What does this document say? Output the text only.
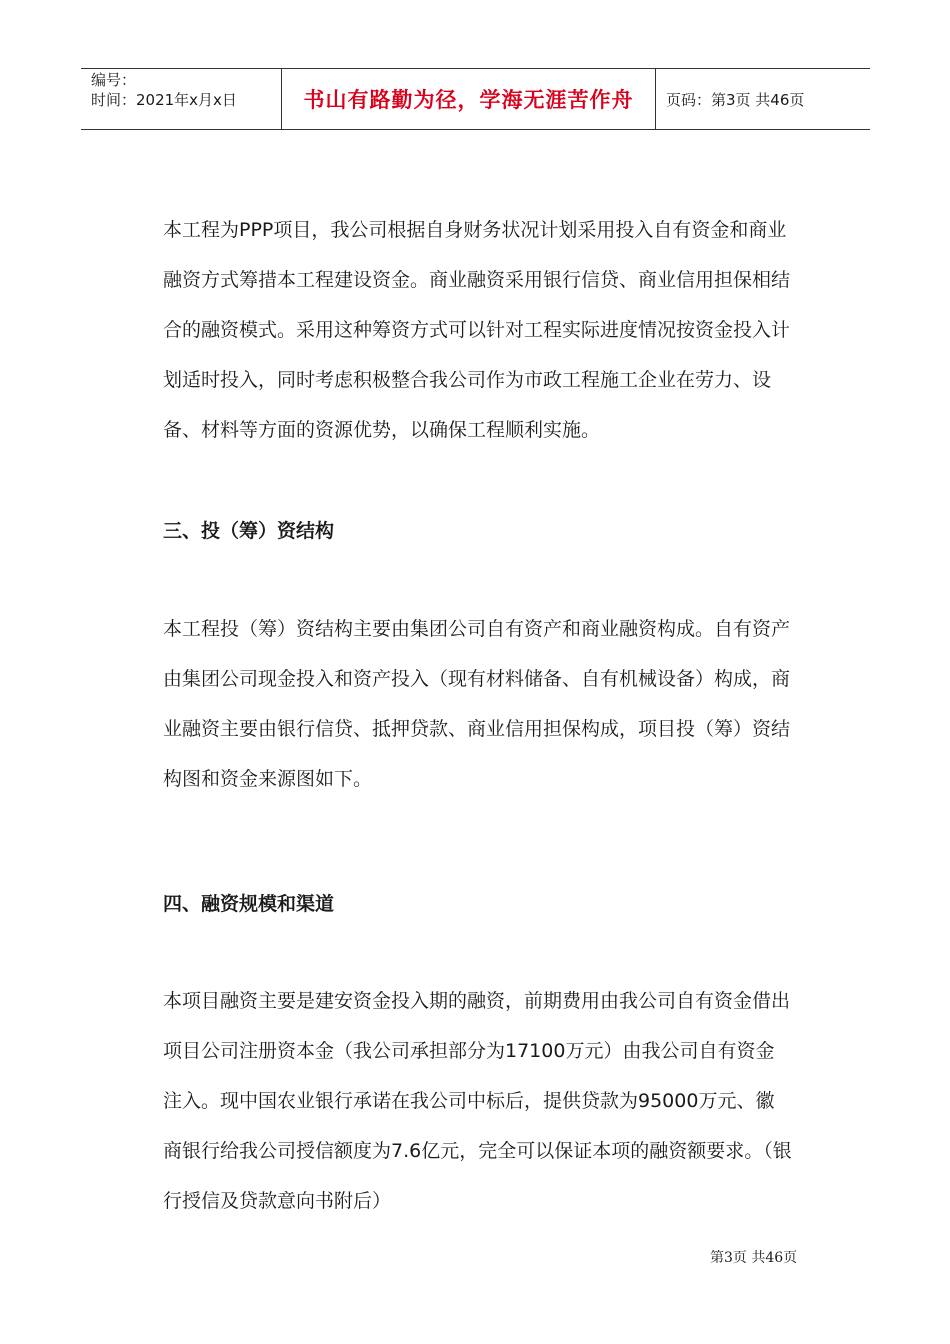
编号：
时间：2021年x月x日	书山有路勤为径，学海无涯苦作舟 页码：第3页 共46页

本工程为PPP项目，我公司根据自身财务状况计划采用投入自有资金和商业融资方式筹措本工程建设资金。商业融资采用银行信贷、商业信用担保相结合的融资模式。采用这种筹资方式可以针对工程实际进度情况按资金投入计划适时投入，同时考虑积极整合我公司作为市政工程施工企业在劳力、设备、材料等方面的资源优势，以确保工程顺利实施。

三、投（筹）资结构

本工程投（筹）资结构主要由集团公司自有资产和商业融资构成。自有资产由集团公司现金投入和资产投入（现有材料储备、自有机械设备）构成，商业融资主要由银行信贷、抵押贷款、商业信用担保构成，项目投（筹）资结构图和资金来源图如下。

四、融资规模和渠道

本项目融资主要是建安资金投入期的融资，前期费用由我公司自有资金借出项目公司注册资本金（我公司承担部分为17100万元）由我公司自有资金注入。现中国农业银行承诺在我公司中标后，提供贷款为95000万元、徽商银行给我公司授信额度为7.6亿元，完全可以保证本项的融资额要求。（银行授信及贷款意向书附后）

第3页 共46页
